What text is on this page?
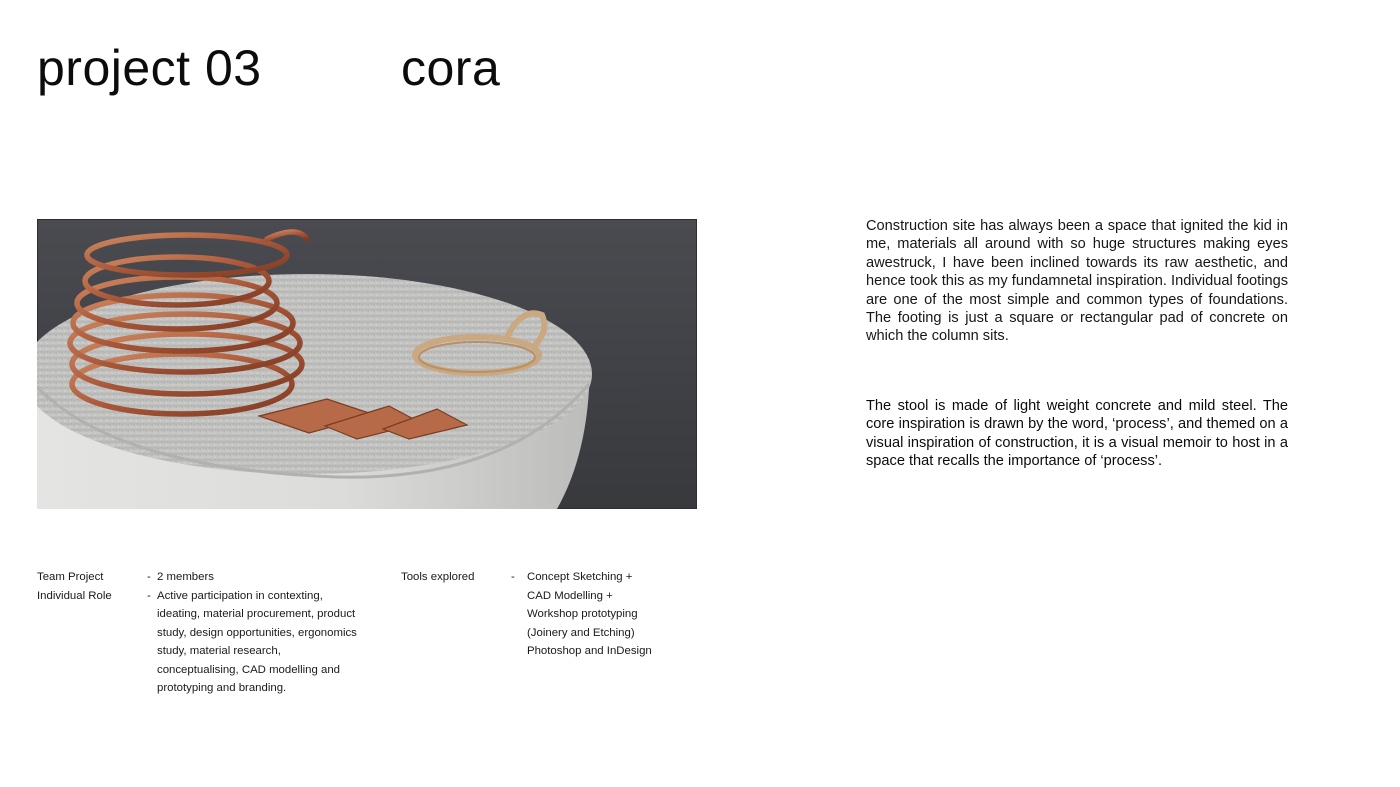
project 03	cora

Construction site has always been a space that ignited the kid in me, materials all around with so huge structures making eyes awestruck, I have been inclined towards its raw aesthetic, and hence took this as my fundamnetal inspiration. Individual footings are one of the most simple and common types of foundations. The footing is just a square or rectangular pad of concrete on which the column sits.

The stool is made of light weight concrete and mild steel. The core inspiration is drawn by the word, ‘process’, and themed on a visual inspiration of construction, it is a visual memoir to host in a space that recalls the importance of ‘process’.

Team Project
Individual Role
- 2 members
- Active participation in contexting, ideating, material procurement, product study, design opportunities, ergonomics study, material research, conceptualising, CAD modelling and prototyping and branding.
Tools explored	- Concept Sketching +
CAD Modelling +
Workshop prototyping
(Joinery and Etching)
Photoshop and InDesign
